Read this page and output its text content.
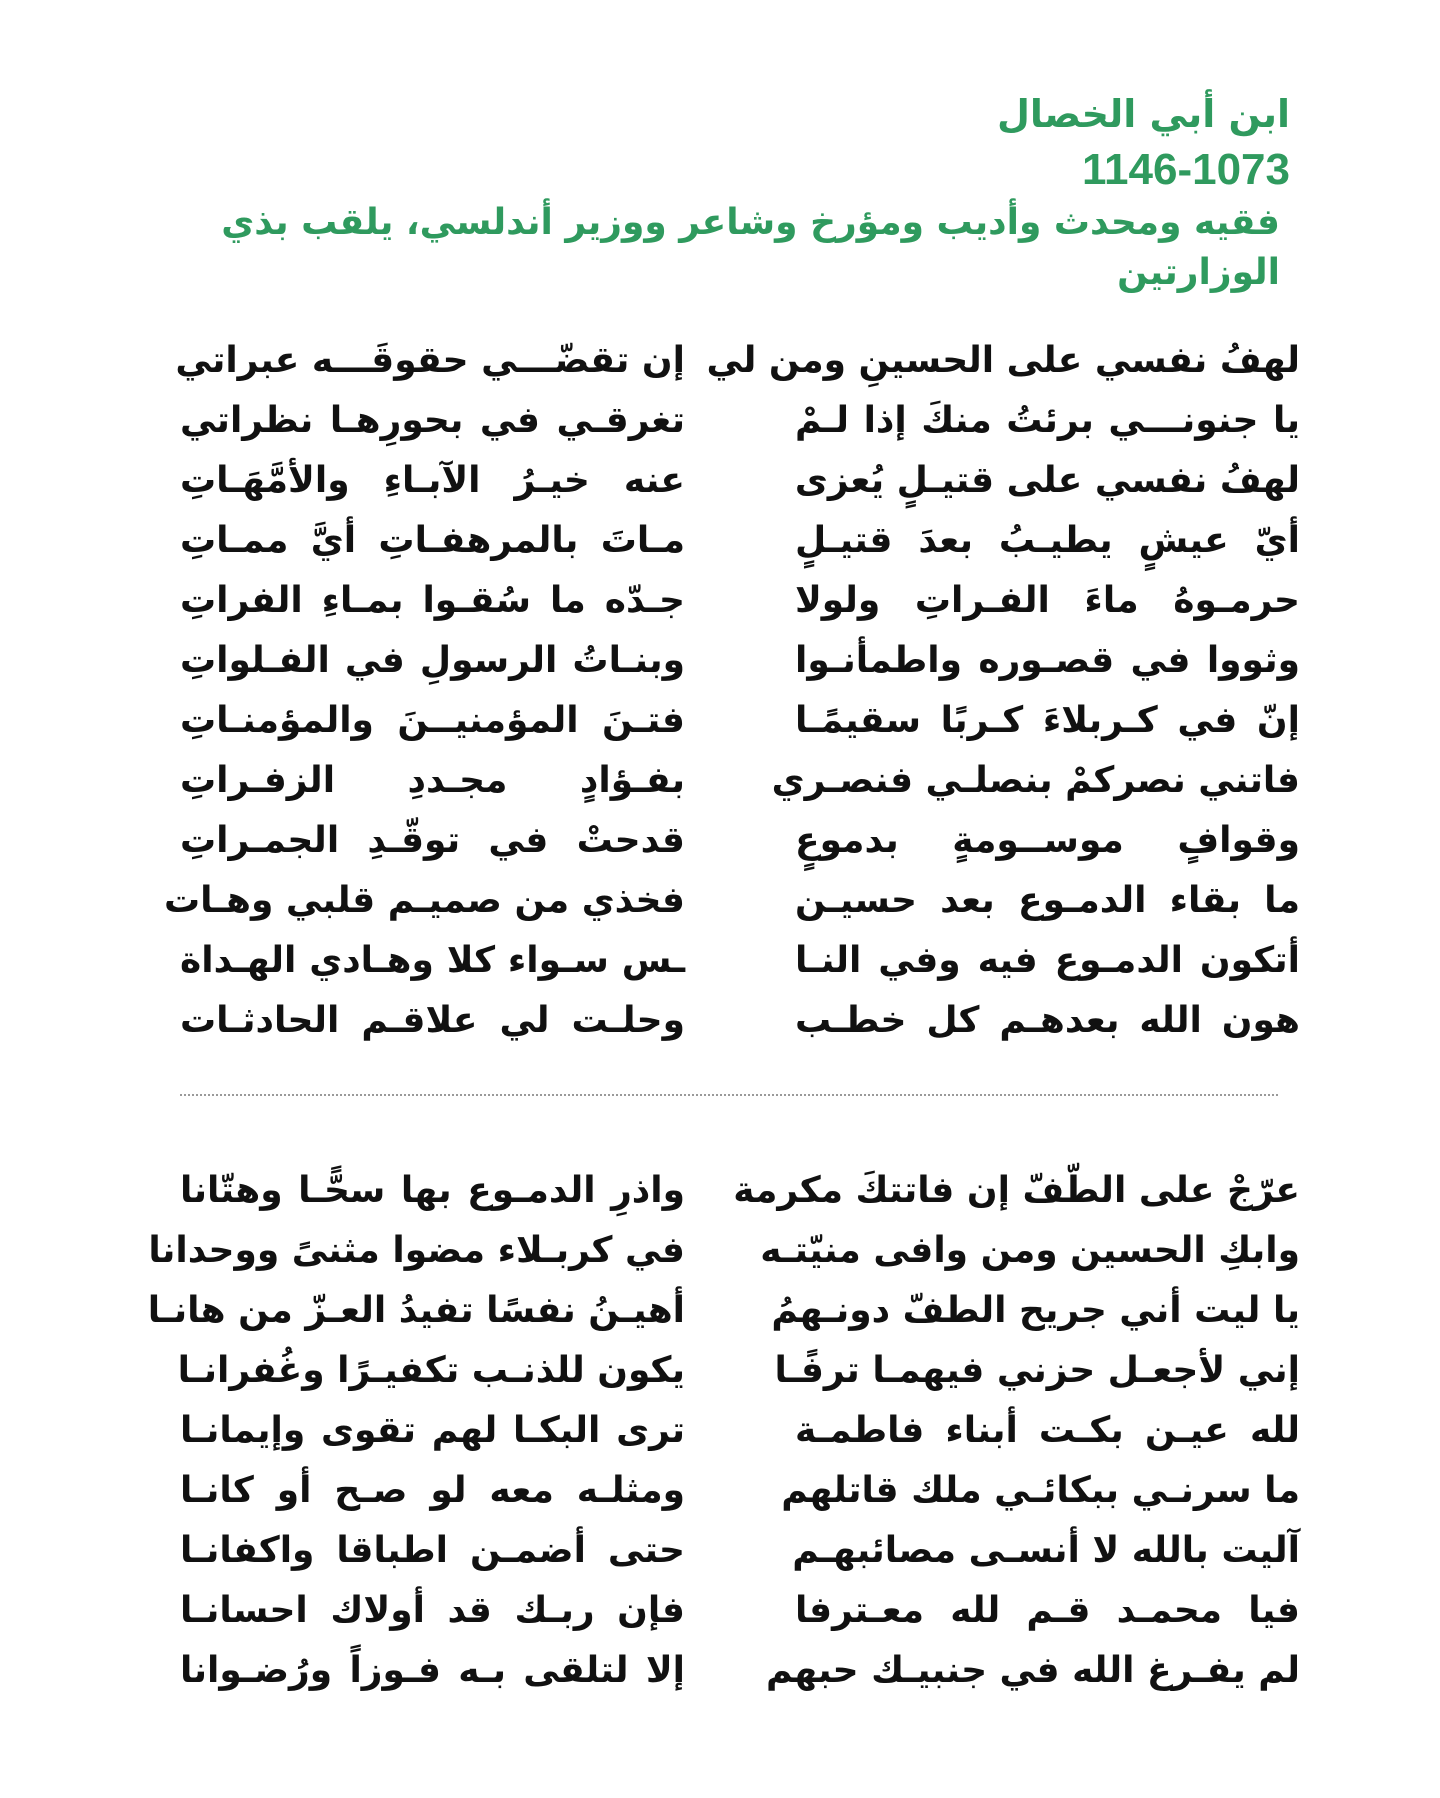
ابن أبي الخصال

1146-1073

فقيه ومحدث وأديب ومؤرخ وشاعر ووزير أندلسي، يلقب بذي الوزارتين

لهفُ نفسي على الحسينِ ومن لي
إن تقضّـــي حقوقَـــه عبراتي
يا جنونـــي برئتُ منكَ إذا لـمْ
تغرقـي في بحورِهـا نظراتي
لهفُ نفسي على قتيـلٍ يُعزى
عنه خيـرُ الآبـاءِ والأمَّهَـاتِ
أيّ عيشٍ يطيـبُ بعدَ قتيـلٍ
مـاتَ بالمرهفـاتِ أيَّ ممـاتِ
حرمـوهُ ماءَ الفـراتِ ولولا
جـدّه ما سُقـوا بمـاءِ الفراتِ
وثووا في قصـوره واطمأنـوا
وبنـاتُ الرسولِ في الفـلواتِ
إنّ في كـربلاءَ كـربًا سقيمًـا
فتـنَ المؤمنيــنَ والمؤمنـاتِ
فاتني نصركمْ بنصلـي فنصـري
بفـؤادٍ مجـددِ الزفـراتِ
وقوافٍ موســومةٍ بدموعٍ
قدحتْ في توقّـدِ الجمـراتِ
ما بقاء الدمـوع بعد حسيـن
فخذي من صميـم قلبي وهـات
أتكون الدمـوع فيه وفي النـا
ـس سـواء كلا وهـادي الهـداة
هون الله بعدهـم كل خطـب
وحلـت لي علاقـم الحادثـات
عرّجْ على الطّفّ إن فاتتكَ مكرمة
واذرِ الدمـوع بها سحًّـا وهتّانا
وابكِ الحسين ومن وافى منيّتـه
في كربـلاء مضوا مثنىً ووحدانا
يا ليت أني جريح الطفّ دونـهمُ
أهيـنُ نفسًا تفيدُ العـزّ من هانـا
إني لأجعـل حزني فيهمـا ترفًـا
يكون للذنـب تكفيـرًا وغُفرانـا
لله عيـن بكـت أبناء فاطمـة
ترى البكـا لهم تقوى وإيمانـا
ما سرنـي ببكائـي ملك قاتلهم
ومثلـه معه لو صـح أو كانـا
آليت بالله لا أنسـى مصائبهـم
حتى أضمـن اطباقا واكفانـا
فيا محمـد قـم لله معـترفا
فإن ربـك قد أولاك احسانـا
لم يفـرغ الله في جنبيـك حبهم
إلا لتلقى بـه فـوزاً ورُضـوانا
